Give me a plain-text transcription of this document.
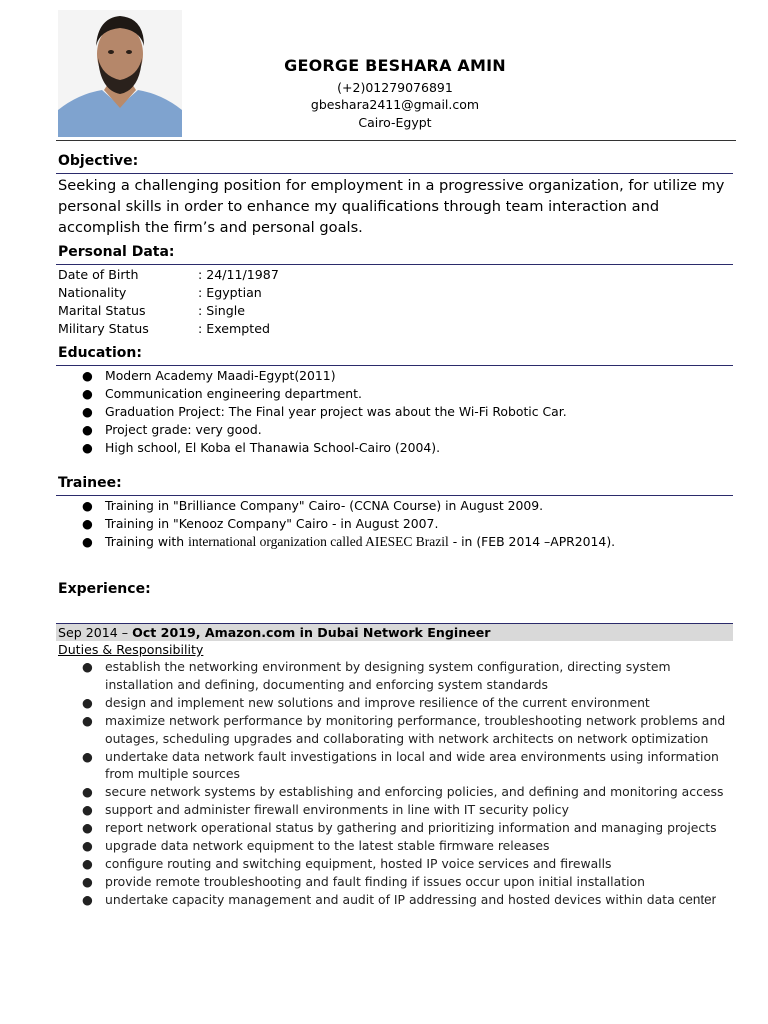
GEORGE BESHARA AMIN
(+2)01279076891
gbeshara2411@gmail.com
Cairo-Egypt
Objective:
Seeking a challenging position for employment in a progressive organization, for utilize my personal skills in order to enhance my qualifications through team interaction and accomplish the firm’s and personal goals.
Personal Data:
Date of Birth	: 24/11/1987
Nationality	: Egyptian
Marital Status	: Single
Military Status	: Exempted
Education:
● Modern Academy Maadi-Egypt(2011)
● Communication engineering department.
● Graduation Project: The Final year project was about the Wi-Fi Robotic Car.
● Project grade: very good.
● High school, El Koba el Thanawia School-Cairo (2004).
Trainee:
● Training in "Brilliance Company" Cairo- (CCNA Course) in August 2009.
● Training in "Kenooz Company" Cairo - in August 2007.
● Training with international organization called AIESEC Brazil - in (FEB 2014 –APR2014).
Experience:
Sep 2014 – Oct 2019, Amazon.com in Dubai Network Engineer
Duties & Responsibility
● establish the networking environment by designing system configuration, directing system installation and defining, documenting and enforcing system standards
● design and implement new solutions and improve resilience of the current environment
● maximize network performance by monitoring performance, troubleshooting network problems and outages, scheduling upgrades and collaborating with network architects on network optimization
● undertake data network fault investigations in local and wide area environments using information from multiple sources
● secure network systems by establishing and enforcing policies, and defining and monitoring access
● support and administer firewall environments in line with IT security policy
● report network operational status by gathering and prioritizing information and managing projects
● upgrade data network equipment to the latest stable firmware releases
● configure routing and switching equipment, hosted IP voice services and firewalls
● provide remote troubleshooting and fault finding if issues occur upon initial installation
● undertake capacity management and audit of IP addressing and hosted devices within data center
